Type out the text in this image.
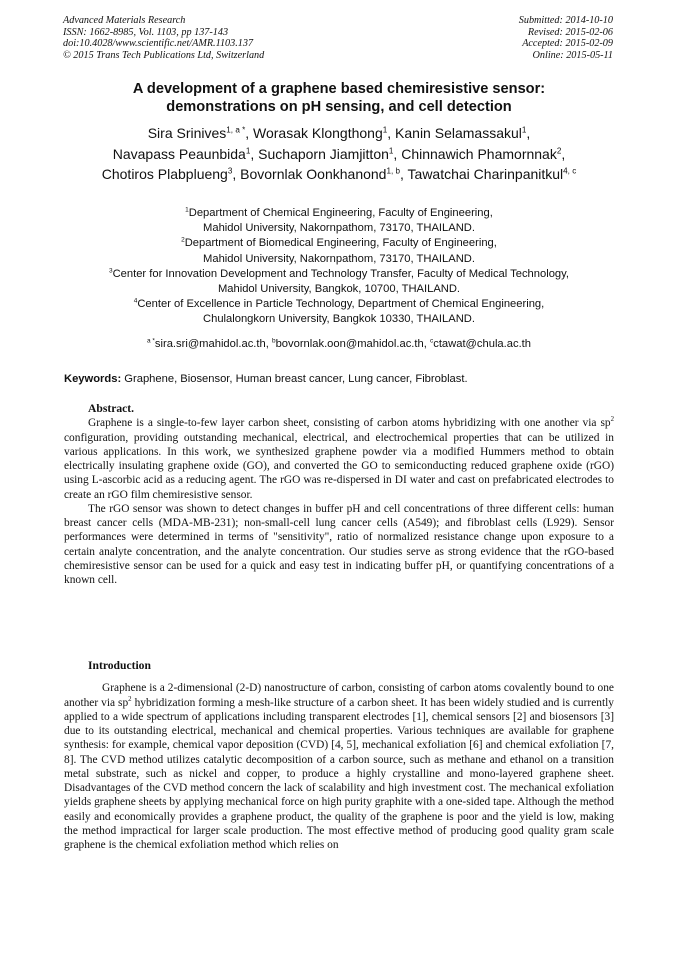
Advanced Materials Research
ISSN: 1662-8985, Vol. 1103, pp 137-143
doi:10.4028/www.scientific.net/AMR.1103.137
© 2015 Trans Tech Publications Ltd, Switzerland
Submitted: 2014-10-10
Revised: 2015-02-06
Accepted: 2015-02-09
Online: 2015-05-11
A development of a graphene based chemiresistive sensor:
demonstrations on pH sensing, and cell detection
Sira Srinives$^{1, a *}$, Worasak Klongthong$^1$, Kanin Selamassakul$^1$,
Navapass Peaunbida$^1$, Suchaporn Jiamjitton$^1$, Chinnawich Phamornnak$^2$,
Chotiros Plabplueng$^3$, Bovornlak Oonkhanond$^{1, b}$, Tawatchai Charinpanitkul$^{4, c}$
$^1$Department of Chemical Engineering, Faculty of Engineering,
Mahidol University, Nakornpathom, 73170, THAILAND.
$^2$Department of Biomedical Engineering, Faculty of Engineering,
Mahidol University, Nakornpathom, 73170, THAILAND.
$^3$Center for Innovation Development and Technology Transfer, Faculty of Medical Technology,
Mahidol University, Bangkok, 10700, THAILAND.
$^4$Center of Excellence in Particle Technology, Department of Chemical Engineering,
Chulalongkorn University, Bangkok 10330, THAILAND.
$^{a *}$sira.sri@mahidol.ac.th, $^b$bovornlak.oon@mahidol.ac.th, $^c$ctawat@chula.ac.th
Keywords: Graphene, Biosensor, Human breast cancer, Lung cancer, Fibroblast.

Abstract.

Graphene is a single-to-few layer carbon sheet, consisting of carbon atoms hybridizing with one another via $sp^2$ configuration, providing outstanding mechanical, electrical, and electrochemical properties that can be utilized in various applications. In this work, we synthesized graphene powder via a modified Hummers method to obtain electrically insulating graphene oxide (GO), and converted the GO to semiconducting reduced graphene oxide (rGO) using L-ascorbic acid as a reducing agent. The rGO was re-dispersed in DI water and cast on prefabricated electrodes to create an rGO film chemiresistive sensor.

The rGO sensor was shown to detect changes in buffer pH and cell concentrations of three different cells: human breast cancer cells (MDA-MB-231); non-small-cell lung cancer cells (A549); and fibroblast cells (L929). Sensor performances were determined in terms of "sensitivity", ratio of normalized resistance change upon exposure to a certain analyte concentration, and the analyte concentration. Our studies serve as strong evidence that the rGO-based chemiresistive sensor can be used for a quick and easy test in indicating buffer pH, or quantifying concentrations of a known cell.

Introduction

Graphene is a 2-dimensional (2-D) nanostructure of carbon, consisting of carbon atoms covalently bound to one another via $sp^2$ hybridization forming a mesh-like structure of a carbon sheet. It has been widely studied and is currently applied to a wide spectrum of applications including transparent electrodes [1], chemical sensors [2] and biosensors [3] due to its outstanding electrical, mechanical and chemical properties. Various techniques are available for graphene synthesis: for example, chemical vapor deposition (CVD) [4, 5], mechanical exfoliation [6] and chemical exfoliation [7, 8]. The CVD method utilizes catalytic decomposition of a carbon source, such as methane and ethanol on a transition metal substrate, such as nickel and copper, to produce a highly crystalline and mono-layered graphene sheet. Disadvantages of the CVD method concern the lack of scalability and high investment cost. The mechanical exfoliation yields graphene sheets by applying mechanical force on high purity graphite with a one-sided tape. Although the method easily and economically provides a graphene product, the quality of the graphene is poor and the yield is low, making the method impractical for larger scale production. The most effective method of producing good quality gram scale graphene is the chemical exfoliation method which relies on
